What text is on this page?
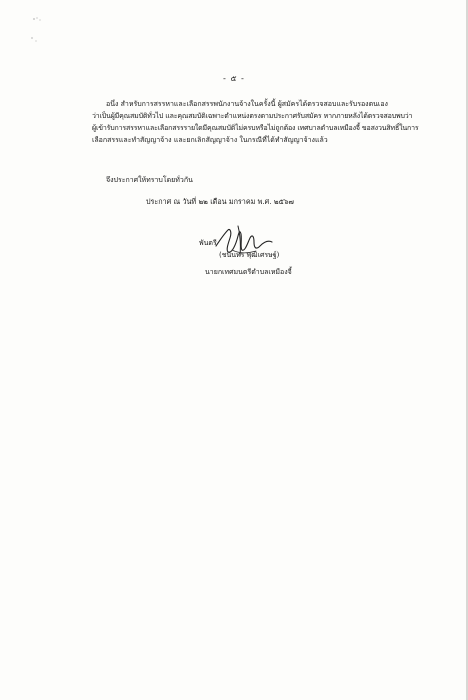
- ๕ -
อนึ่ง สำหรับการสรรหาและเลือกสรรพนักงานจ้างในครั้งนี้ ผู้สมัครได้ตรวจสอบและรับรองตนเอง
ว่าเป็นผู้มีคุณสมบัติทั่วไป และคุณสมบัติเฉพาะตำแหน่งตรงตามประกาศรับสมัคร หากภายหลังได้ตรวจสอบพบว่า
ผู้เข้ารับการสรรหาและเลือกสรรรายใดมีคุณสมบัติไม่ครบหรือไม่ถูกต้อง เทศบาลตำบลเหมืองจี้ ขอสงวนสิทธิ์ในการ
เลือกสรรและทำสัญญาจ้าง และยกเลิกสัญญาจ้าง ในกรณีที่ได้ทำสัญญาจ้างแล้ว
จึงประกาศให้ทราบโดยทั่วกัน
ประกาศ ณ วันที่ ๒๒ เดือน มกราคม พ.ศ. ๒๕๖๗
พันตรี
(ชนินทร พุฒิเศรษฐ์)
นายกเทศมนตรีตำบลเหมืองจี้
